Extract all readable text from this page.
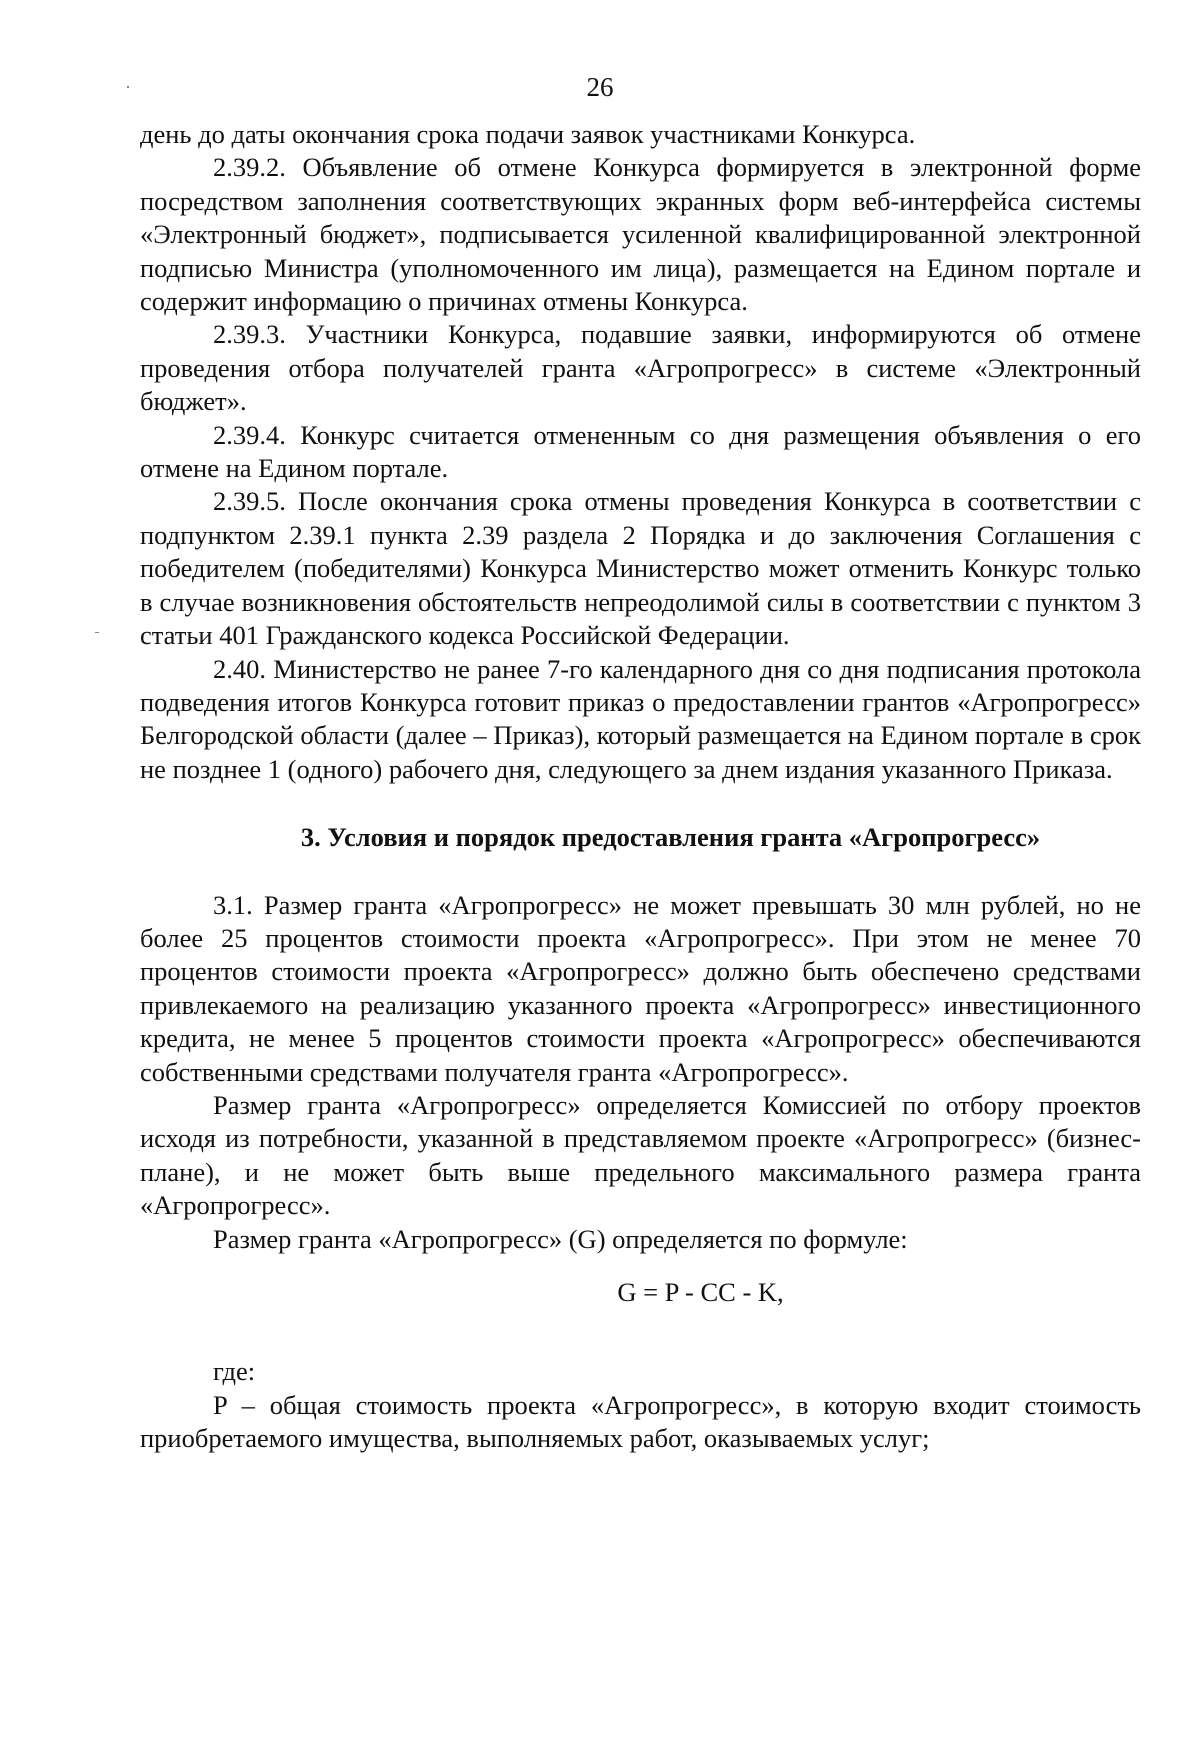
26

день до даты окончания срока подачи заявок участниками Конкурса.

2.39.2. Объявление об отмене Конкурса формируется в электронной форме посредством заполнения соответствующих экранных форм веб-интерфейса системы «Электронный бюджет», подписывается усиленной квалифицированной электронной подписью Министра (уполномоченного им лица), размещается на Едином портале и содержит информацию о причинах отмены Конкурса.

2.39.3. Участники Конкурса, подавшие заявки, информируются об отмене проведения отбора получателей гранта «Агропрогресс» в системе «Электронный бюджет».

2.39.4. Конкурс считается отмененным со дня размещения объявления о его отмене на Едином портале.

2.39.5. После окончания срока отмены проведения Конкурса в соответствии с подпунктом 2.39.1 пункта 2.39 раздела 2 Порядка и до заключения Соглашения с победителем (победителями) Конкурса Министерство может отменить Конкурс только в случае возникновения обстоятельств непреодолимой силы в соответствии с пунктом 3 статьи 401 Гражданского кодекса Российской Федерации.

2.40. Министерство не ранее 7-го календарного дня со дня подписания протокола подведения итогов Конкурса готовит приказ о предоставлении грантов «Агропрогресс» Белгородской области (далее – Приказ), который размещается на Едином портале в срок не позднее 1 (одного) рабочего дня, следующего за днем издания указанного Приказа.

3. Условия и порядок предоставления гранта «Агропрогресс»

3.1. Размер гранта «Агропрогресс» не может превышать 30 млн рублей, но не более 25 процентов стоимости проекта «Агропрогресс». При этом не менее 70 процентов стоимости проекта «Агропрогресс» должно быть обеспечено средствами привлекаемого на реализацию указанного проекта «Агропрогресс» инвестиционного кредита, не менее 5 процентов стоимости проекта «Агропрогресс» обеспечиваются собственными средствами получателя гранта «Агропрогресс».

Размер гранта «Агропрогресс» определяется Комиссией по отбору проектов исходя из потребности, указанной в представляемом проекте «Агропрогресс» (бизнес-плане), и не может быть выше предельного максимального размера гранта «Агропрогресс».

Размер гранта «Агропрогресс» (G) определяется по формуле:

G = P - CC - K,

где:

P – общая стоимость проекта «Агропрогресс», в которую входит стоимость приобретаемого имущества, выполняемых работ, оказываемых услуг;
